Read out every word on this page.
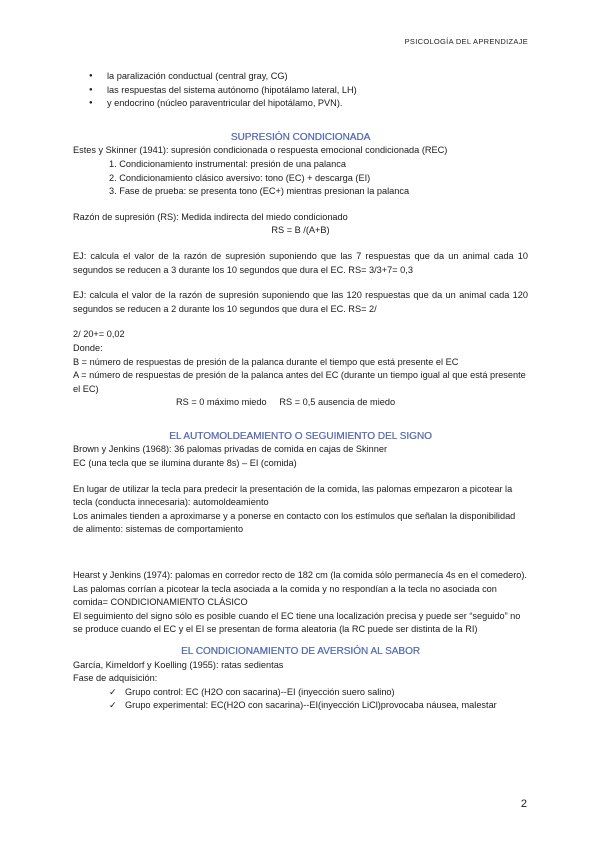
PSICOLOGÍA DEL APRENDIZAJE
● la paralización conductual (central gray, CG)
● las respuestas del sistema autónomo (hipotálamo lateral, LH)
● y endocrino (núcleo paraventricular del hipotálamo, PVN).
SUPRESIÓN CONDICIONADA
Estes y Skinner (1941): supresión condicionada o respuesta emocional condicionada (REC)
1. Condicionamiento instrumental: presión de una palanca
2. Condicionamiento clásico aversivo: tono (EC) + descarga (EI)
3. Fase de prueba: se presenta tono (EC+) mientras presionan la palanca
Razón de supresión (RS): Medida indirecta del miedo condicionado
RS = B /(A+B)
EJ: calcula el valor de la razón de supresión suponiendo que las 7 respuestas que da un animal cada 10 segundos se reducen a 3 durante los 10 segundos que dura el EC. RS= 3/3+7= 0,3
EJ: calcula el valor de la razón de supresión suponiendo que las 120 respuestas que da un animal cada 120 segundos se reducen a 2 durante los 10 segundos que dura el EC. RS= 2/
2/ 20+= 0,02
Donde:
B = número de respuestas de presión de la palanca durante el tiempo que está presente el EC
A = número de respuestas de presión de la palanca antes del EC (durante un tiempo igual al que está presente el EC)
RS = 0 máximo miedo     RS = 0,5 ausencia de miedo
EL AUTOMOLDEAMIENTO O SEGUIMIENTO DEL SIGNO
Brown y Jenkins (1968): 36 palomas privadas de comida en cajas de Skinner
EC (una tecla que se ilumina durante 8s) – EI (comida)
En lugar de utilizar la tecla para predecir la presentación de la comida, las palomas empezaron a picotear la tecla (conducta innecesaria): automoldeamiento
Los animales tienden a aproximarse y a ponerse en contacto con los estímulos que señalan la disponibilidad de alimento: sistemas de comportamiento
Hearst y Jenkins (1974): palomas en corredor recto de 182 cm (la comida sólo permanecía 4s en el comedero).
Las palomas corrían a picotear la tecla asociada a la comida y no respondían a la tecla no asociada con comida= CONDICIONAMIENTO CLÁSICO
El seguimiento del signo sólo es posible cuando el EC tiene una localización precisa y puede ser “seguido” no se produce cuando el EC y el EI se presentan de forma aleatoria (la RC puede ser distinta de la RI)
EL CONDICIONAMIENTO DE AVERSIÓN AL SABOR
García, Kimeldorf y Koelling (1955): ratas sedientas
Fase de adquisición:
✓ Grupo control: EC (H2O con sacarina)--EI (inyección suero salino)
✓ Grupo experimental: EC(H2O con sacarina)--EI(inyección LiCl)provocaba náusea, malestar
2
